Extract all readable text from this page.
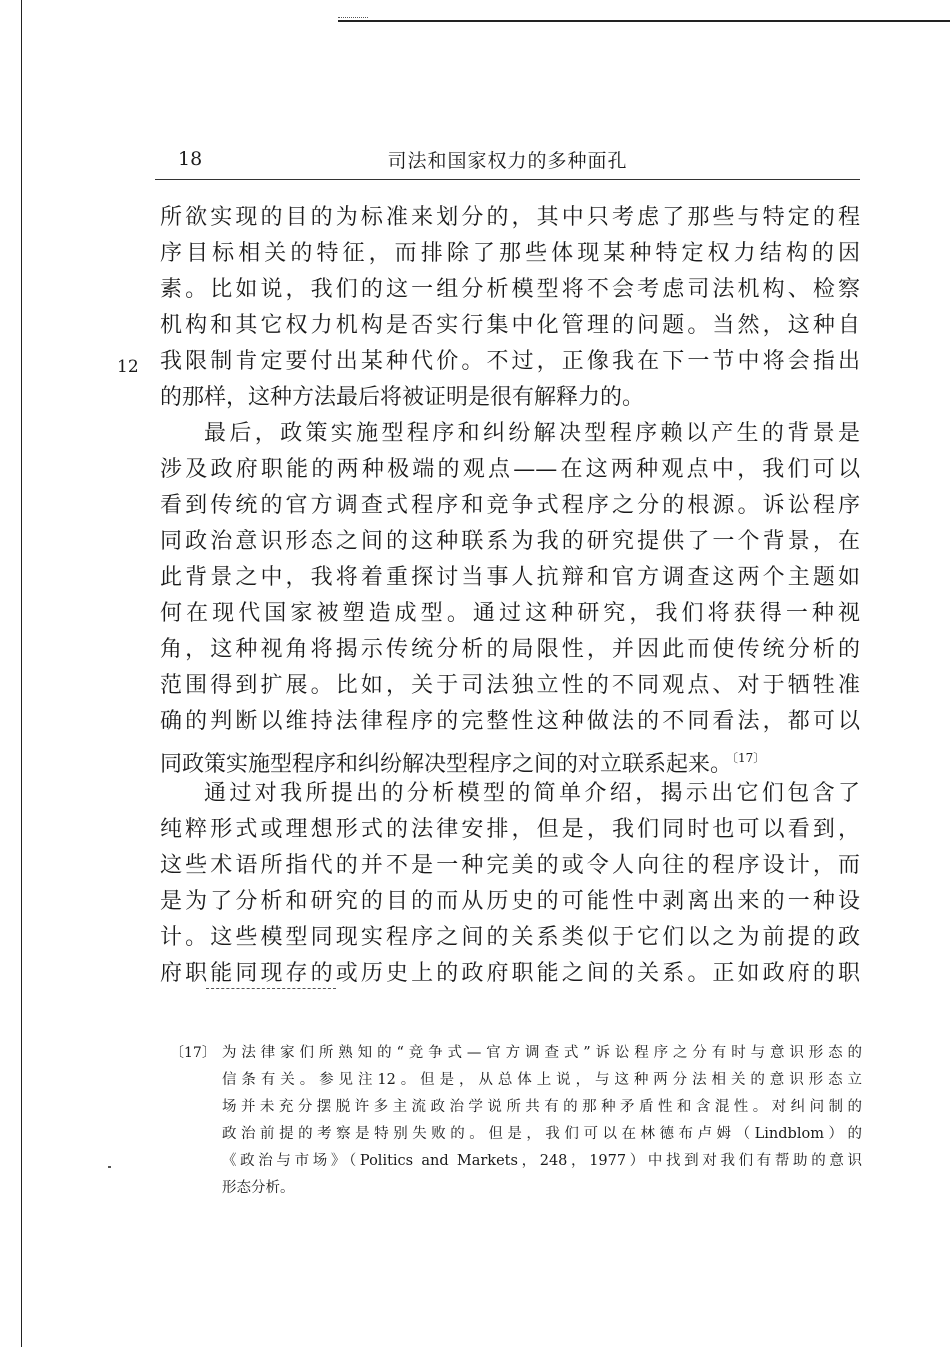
18	司法和国家权力的多种面孔
12
所欲实现的目的为标准来划分的，其中只考虑了那些与特定的程
序目标相关的特征，而排除了那些体现某种特定权力结构的因
素。比如说，我们的这一组分析模型将不会考虑司法机构、检察
机构和其它权力机构是否实行集中化管理的问题。当然，这种自
我限制肯定要付出某种代价。不过，正像我在下一节中将会指出
的那样，这种方法最后将被证明是很有解释力的。
最后，政策实施型程序和纠纷解决型程序赖以产生的背景是
涉及政府职能的两种极端的观点——在这两种观点中，我们可以
看到传统的官方调查式程序和竞争式程序之分的根源。诉讼程序
同政治意识形态之间的这种联系为我的研究提供了一个背景，在
此背景之中，我将着重探讨当事人抗辩和官方调查这两个主题如
何在现代国家被塑造成型。通过这种研究，我们将获得一种视
角，这种视角将揭示传统分析的局限性，并因此而使传统分析的
范围得到扩展。比如，关于司法独立性的不同观点、对于牺牲准
确的判断以维持法律程序的完整性这种做法的不同看法，都可以
同政策实施型程序和纠纷解决型程序之间的对立联系起来。$^{〔17〕}$
通过对我所提出的分析模型的简单介绍，揭示出它们包含了
纯粹形式或理想形式的法律安排，但是，我们同时也可以看到，
这些术语所指代的并不是一种完美的或令人向往的程序设计，而
是为了分析和研究的目的而从历史的可能性中剥离出来的一种设
计。这些模型同现实程序之间的关系类似于它们以之为前提的政
府职能同现存的或历史上的政府职能之间的关系。正如政府的职
〔17〕 为法律家们所熟知的“竞争式—官方调查式”诉讼程序之分有时与意识形态的
信条有关。参见注12。但是，从总体上说，与这种两分法相关的意识形态立
场并未充分摆脱许多主流政治学说所共有的那种矛盾性和含混性。对纠问制的
政治前提的考察是特别失败的。但是，我们可以在林德布卢姆（Lindblom）的
《政治与市场》（Politics and Markets，248，1977）中找到对我们有帮助的意识
形态分析。
